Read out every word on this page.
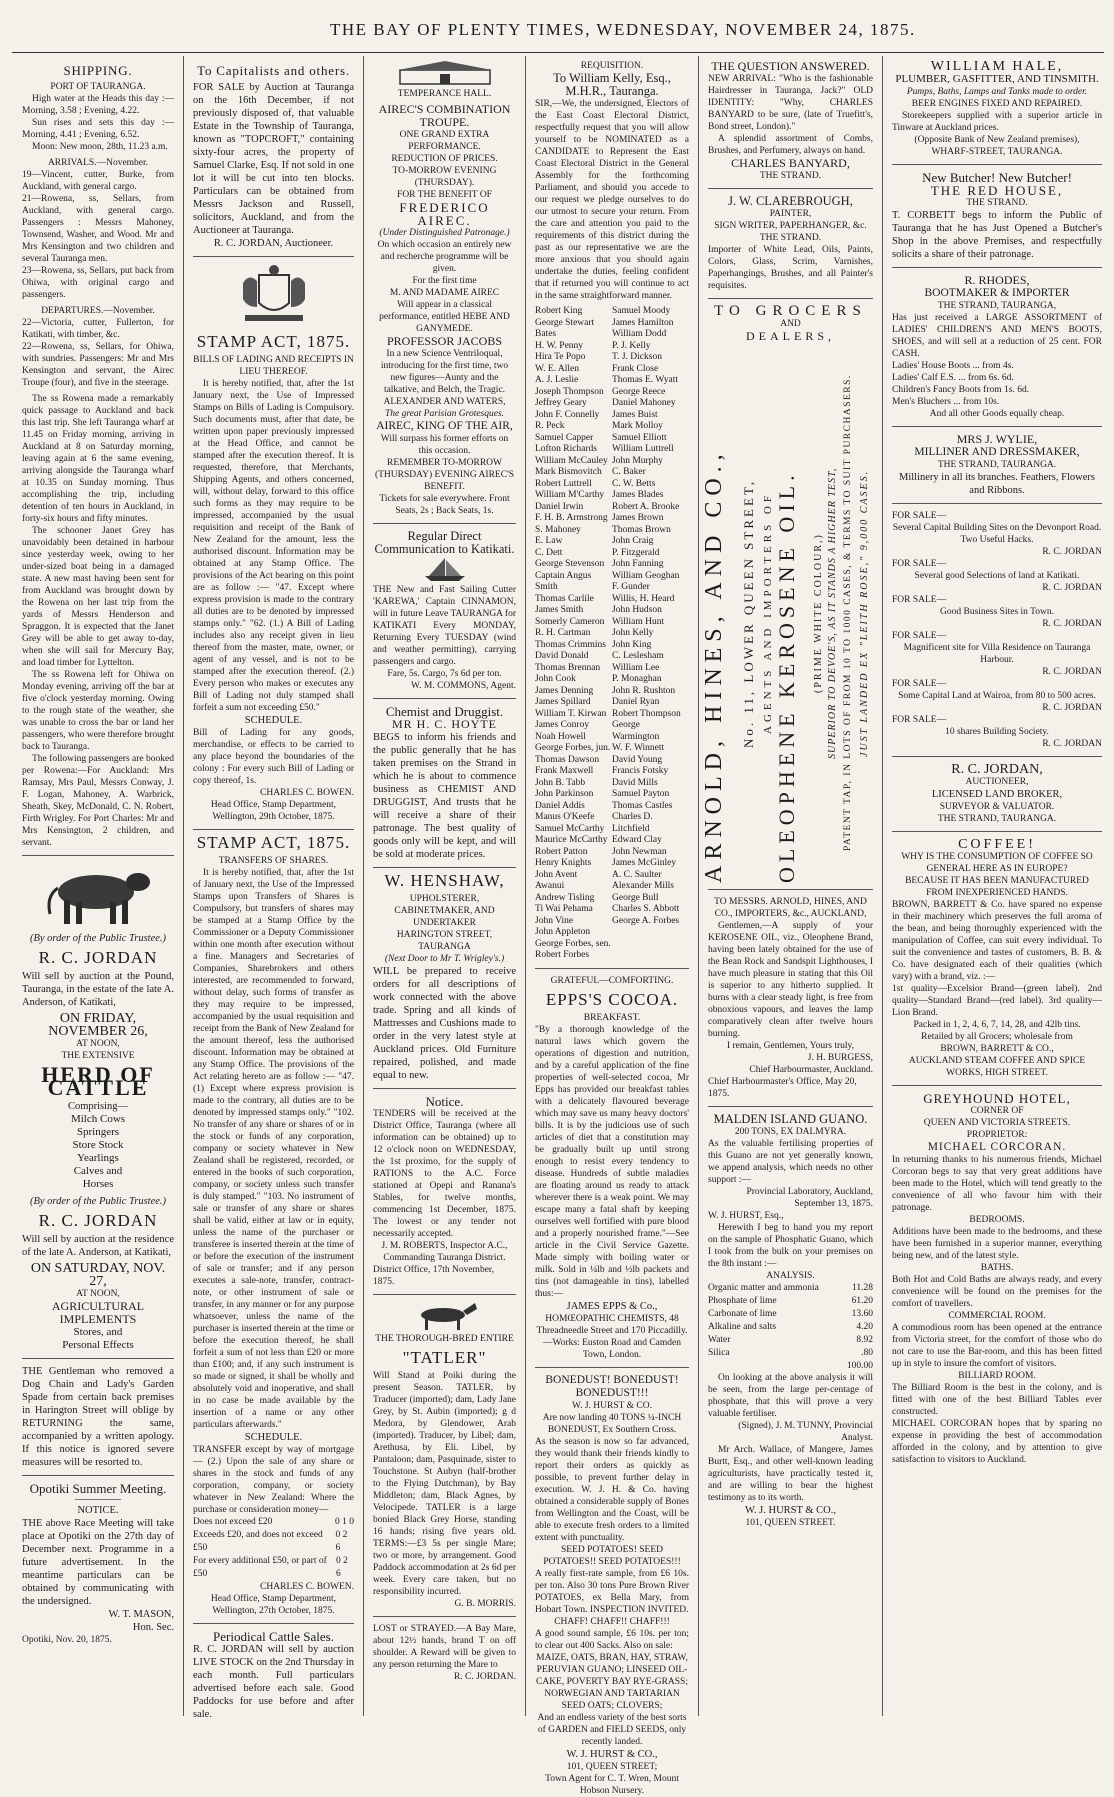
THE BAY OF PLENTY TIMES, WEDNESDAY, NOVEMBER 24, 1875.
SHIPPING.
PORT OF TAURANGA.
High water at the Heads this day :— Morning, 3.58 ; Evening, 4.22.
Sun rises and sets this day :—Morning, 4.41 ; Evening, 6.52.
Moon: New moon, 28th, 11.23 a.m.
ARRIVALS.—November.
19—Vincent, cutter, Burke, from Auckland, with general cargo.
21—Rowena, ss, Sellars, from Auckland, with general cargo. Passengers : Messrs Mahoney, Townsend, Washer, and Wood. Mr and Mrs Kensington and two children and several Tauranga men.
23—Rowena, ss, Sellars, put back from Ohiwa, with original cargo and passengers.
DEPARTURES.—November.
22—Victoria, cutter, Fullerton, for Katikati, with timber, &c.
22—Rowena, ss, Sellars, for Ohiwa, with sundries. Passengers: Mr and Mrs Kensington and servant, the Airec Troupe (four), and five in the steerage.
The ss Rowena made a remarkably quick passage to Auckland and back this last trip. She left Tauranga wharf at 11.45 on Friday morning, arriving in Auckland at 8 on Saturday morning, leaving again at 6 the same evening, arriving alongside the Tauranga wharf at 10.35 on Sunday morning. Thus accomplishing the trip, including detention of ten hours in Auckland, in forty-six hours and fifty minutes.
The schooner Janet Grey has unavoidably been detained in harbour since yesterday week, owing to her under-sized boat being in a damaged state. A new mast having been sent for from Auckland was brought down by the Rowena on her last trip from the yards of Messrs Henderson and Spraggon. It is expected that the Janet Grey will be able to get away to-day, when she will sail for Mercury Bay, and load timber for Lyttelton.
The ss Rowena left for Ohiwa on Monday evening, arriving off the bar at five o'clock yesterday morning. Owing to the rough state of the weather, she was unable to cross the bar or land her passengers, who were therefore brought back to Tauranga.
The following passengers are booked per Rowena:—For Auckland: Mrs Ramsay, Mrs Paul, Messrs Conway, J. F. Logan, Mahoney, A. Warbrick, Sheath, Skey, McDonald, C. N. Robert, Firth Wrigley. For Port Charles: Mr and Mrs Kensington, 2 children, and servant.
(By order of the Public Trustee.)
R. C. JORDAN
Will sell by auction at the Pound, Tauranga, in the estate of the late A. Anderson, of Katikati,
ON FRIDAY, NOVEMBER 26,
AT NOON,
THE EXTENSIVE
HERD OF CATTLE
Comprising—
Milch Cows
Springers
Store Stock
Yearlings
Calves and
Horses
(By order of the Public Trustee.)
R. C. JORDAN
Will sell by auction at the residence of the late A. Anderson, at Katikati,
ON SATURDAY, NOV. 27,
AT NOON,
AGRICULTURAL IMPLEMENTS
Stores, and
Personal Effects
THE Gentleman who removed a Dog Chain and Lady's Garden Spade from certain back premises in Harington Street will oblige by RETURNING the same, accompanied by a written apology. If this notice is ignored severe measures will be resorted to.
Opotiki Summer Meeting.
NOTICE.
THE above Race Meeting will take place at Opotiki on the 27th day of December next. Programme in a future advertisement. In the meantime particulars can be obtained by communicating with the undersigned.
W. T. MASON,
Hon. Sec.
Opotiki, Nov. 20, 1875.
To Capitalists and others.
FOR SALE by Auction at Tauranga on the 16th December, if not previously disposed of, that valuable Estate in the Township of Tauranga, known as "TOPCROFT," containing sixty-four acres, the property of Samuel Clarke, Esq. If not sold in one lot it will be cut into ten blocks. Particulars can be obtained from Messrs Jackson and Russell, solicitors, Auckland, and from the Auctioneer at Tauranga.
R. C. JORDAN, Auctioneer.
STAMP ACT, 1875.
BILLS OF LADING AND RECEIPTS IN LIEU THEREOF.
It is hereby notified, that, after the 1st January next, the Use of Impressed Stamps on Bills of Lading is Compulsory. Such documents must, after that date, be written upon paper previously impressed at the Head Office, and cannot be stamped after the execution thereof. It is requested, therefore, that Merchants, Shipping Agents, and others concerned, will, without delay, forward to this office such forms as they may require to be impressed, accompanied by the usual requisition and receipt of the Bank of New Zealand for the amount, less the authorised discount. Information may be obtained at any Stamp Office. The provisions of the Act bearing on this point are as follow :— "47. Except where express provision is made to the contrary all duties are to be denoted by impressed stamps only." "62. (1.) A Bill of Lading includes also any receipt given in lieu thereof from the master, mate, owner, or agent of any vessel, and is not to be stamped after the execution thereof. (2.) Every person who makes or executes any Bill of Lading not duly stamped shall forfeit a sum not exceeding £50."
SCHEDULE.
Bill of Lading for any goods, merchandise, or effects to be carried to any place beyond the boundaries of the colony : For every such Bill of Lading or copy thereof, 1s.
CHARLES C. BOWEN.
Head Office, Stamp Department, Wellington, 29th October, 1875.
STAMP ACT, 1875.
TRANSFERS OF SHARES.
It is hereby notified, that, after the 1st of January next, the Use of the Impressed Stamps upon Transfers of Shares is Compulsory, but transfers of shares may be stamped at a Stamp Office by the Commissioner or a Deputy Commissioner within one month after execution without a fine. Managers and Secretaries of Companies, Sharebrokers and others interested, are recommended to forward, without delay, such forms of transfer as they may require to be impressed, accompanied by the usual requisition and receipt from the Bank of New Zealand for the amount thereof, less the authorised discount. Information may be obtained at any Stamp Office. The provisions of the Act relating hereto are as follow :— "47. (1) Except where express provision is made to the contrary, all duties are to be denoted by impressed stamps only." "102. No transfer of any share or shares of or in the stock or funds of any corporation, company or society whatever in New Zealand shall be registered, recorded, or entered in the books of such corporation, company, or society unless such transfer is duly stamped." "103. No instrument of sale or transfer of any share or shares shall be valid, either at law or in equity, unless the name of the purchaser or transferee is inserted therein at the time of or before the execution of the instrument of sale or transfer; and if any person executes a sale-note, transfer, contract-note, or other instrument of sale or transfer, in any manner or for any purpose whatsoever, unless the name of the purchaser is inserted therein at the time or before the execution thereof, he shall forfeit a sum of not less than £20 or more than £100; and, if any such instrument is so made or signed, it shall be wholly and absolutely void and inoperative, and shall in no case be made available by the insertion of a name or any other particulars afterwards."
SCHEDULE.
TRANSFER except by way of mortgage— (2.) Upon the sale of any share or shares in the stock and funds of any corporation, company, or society whatever in New Zealand: Where the purchase or consideration money—
Does not exceed £20	0 1 0
Exceeds £20, and does not exceed £50
0 2 6
For every additional £50, or part of £50
0 2 6
CHARLES C. BOWEN.
Head Office, Stamp Department, Wellington, 27th October, 1875.
Periodical Cattle Sales.
R. C. JORDAN will sell by auction LIVE STOCK on the 2nd Thursday in each month. Full particulars advertised before each sale. Good Paddocks for use before and after sale.
TEMPERANCE HALL.
AIREC'S COMBINATION TROUPE.
ONE GRAND EXTRA PERFORMANCE.
REDUCTION OF PRICES.
TO-MORROW EVENING (THURSDAY).
FOR THE BENEFIT OF
FREDERICO AIREC.
(Under Distinguished Patronage.)
On which occasion an entirely new and recherche programme will be given.
For the first time
M. AND MADAME AIREC
Will appear in a classical performance, entitled HEBE AND GANYMEDE.
PROFESSOR JACOBS
In a new Science Ventriloqual, introducing for the first time, two new figures—Aunty and the talkative, and Belch, the Tragic.
ALEXANDER AND WATERS,
The great Parisian Grotesques.
AIREC, KING OF THE AIR,
Will surpass his former efforts on this occasion.
REMEMBER TO-MORROW (THURSDAY) EVENING AIREC'S BENEFIT.
Tickets for sale everywhere. Front Seats, 2s ; Back Seats, 1s.
Regular Direct Communication to Katikati.
THE New and Fast Sailing Cutter 'KAREWA,' Captain CINNAMON, will in future Leave TAURANGA for KATIKATI Every MONDAY, Returning Every TUESDAY (wind and weather permitting), carrying passengers and cargo.
Fare, 5s. Cargo, 7s 6d per ton.
W. M. COMMONS, Agent.
Chemist and Druggist.
MR H. C. HOYTE
BEGS to inform his friends and the public generally that he has taken premises on the Strand in which he is about to commence business as CHEMIST AND DRUGGIST, And trusts that he will receive a share of their patronage. The best quality of goods only will be kept, and will be sold at moderate prices.
W. HENSHAW,
UPHOLSTERER, CABINETMAKER, AND UNDERTAKER
HARINGTON STREET, TAURANGA
(Next Door to Mr T. Wrigley's.)
WILL be prepared to receive orders for all descriptions of work connected with the above trade. Spring and all kinds of Mattresses and Cushions made to order in the very latest style at Auckland prices. Old Furniture repaired, polished, and made equal to new.
Notice.
TENDERS will be received at the District Office, Tauranga (where all information can be obtained) up to 12 o'clock noon on WEDNESDAY, the 1st proximo, for the supply of RATIONS to the A.C. Force stationed at Opepi and Ranana's Stables, for twelve months, commencing 1st December, 1875. The lowest or any tender not necessarily accepted.
J. M. ROBERTS, Inspector A.C., Commanding Tauranga District.
District Office, 17th November, 1875.
THE THOROUGH-BRED ENTIRE
"TATLER"
Will Stand at Poiki during the present Season. TATLER, by Traducer (imported); dam, Lady Jane Grey, by St. Aubin (imported); g d Medora, by Glendower, Arab (imported). Traducer, by Libel; dam, Arethusa, by Eli. Libel, by Pantaloon; dam, Pasquinade, sister to Touchstone. St Aubyn (half-brother to the Flying Dutchman), by Bay Middleton; dam, Black Agnes, by Velocipede. TATLER is a large bonied Black Grey Horse, standing 16 hands; rising five years old. TERMS:—£3 5s per single Mare; two or more, by arrangement. Good Paddock accommodation at 2s 6d per week. Every care taken, but no responsibility incurred.
G. B. MORRIS.
LOST or STRAYED.—A Bay Mare, about 12½ hands, brand T on off shoulder. A Reward will be given to any person returning the Mare to
R. C. JORDAN.
REQUISITION.
To William Kelly, Esq., M.H.R., Tauranga.
SIR,—We, the undersigned, Electors of the East Coast Electoral District, respectfully request that you will allow yourself to be NOMINATED as a CANDIDATE to Represent the East Coast Electoral District in the General Assembly for the forthcoming Parliament, and should you accede to our request we pledge ourselves to do our utmost to secure your return. From the care and attention you paid to the requirements of this district during the past as our representative we are the more anxious that you should again undertake the duties, feeling confident that if returned you will continue to act in the same straightforward manner.
Robert King
George Stewart Bates
H. W. Penny
Hira Te Popo
W. E. Allen
A. J. Leslie
Joseph Thompson
Jeffrey Geary
John F. Connelly
R. Peck
Samuel Capper
Lofton Richards
William McCauley
Mark Bismovitch
Robert Luttrell
William M'Carthy
Daniel Irwin
F. H. B. Armstrong
S. Mahoney
E. Law
C. Dett
George Stevenson
Captain Angus Smith
Thomas Carlile
James Smith
Somerly Cameron
R. H. Cartman
Thomas Crimmins
David Donald
Thomas Brennan
John Cook
James Denning
James Spillard
William T. Kirwan
James Conroy
Noah Howell
George Forbes, jun.
Thomas Dawson
Frank Maxwell
John B. Tabb
John Parkinson
Daniel Addis
Manus O'Keefe
Samuel McCarthy
Maurice McCarthy
Robert Patton
Henry Knights
John Avent
Awanui
Andrew Tisling
Ti Wai Pehama
John Vine
John Appleton
George Forbes, sen.
Robert Forbes
Samuel Moody
James Hamilton
William Dodd
P. J. Kelly
T. J. Dickson
Frank Close
Thomas E. Wyatt
George Reece
Daniel Mahoney
James Buist
Mark Molloy
Samuel Elliott
William Luttrell
John Murphy
C. Baker
C. W. Betts
James Blades
Robert A. Brooke
James Brown
Thomas Brown
John Craig
P. Fitzgerald
John Fanning
William Geoghan
F. Gunder
Willis, H. Heard
John Hudson
William Hunt
John Kelly
John King
C. Leslesham
William Lee
P. Monaghan
John R. Rushton
Daniel Ryan
Robert Thompson
George Warmington
W. F. Winnett
David Young
Francis Fotsky
David Mills
Samuel Payton
Thomas Castles
Charles D. Litchfield
Edward Clay
John Newman
James McGinley
A. C. Saulter
Alexander Mills
George Bull
Charles S. Abbott
George A. Forbes
GRATEFUL—COMFORTING.
EPPS'S COCOA.
BREAKFAST.
"By a thorough knowledge of the natural laws which govern the operations of digestion and nutrition, and by a careful application of the fine properties of well-selected cocoa, Mr Epps has provided our breakfast tables with a delicately flavoured beverage which may save us many heavy doctors' bills. It is by the judicious use of such articles of diet that a constitution may be gradually built up until strong enough to resist every tendency to disease. Hundreds of subtle maladies are floating around us ready to attack wherever there is a weak point. We may escape many a fatal shaft by keeping ourselves well fortified with pure blood and a properly nourished frame."—See article in the Civil Service Gazette. Made simply with boiling water or milk. Sold in ¼lb and ½lb packets and tins (not damageable in tins), labelled thus:—
JAMES EPPS & Co.,
HOMŒOPATHIC CHEMISTS, 48 Threadneedle Street and 170 Piccadilly.—Works: Euston Road and Camden Town, London.
BONEDUST! BONEDUST! BONEDUST!!!
W. J. HURST & CO.
Are now landing 40 TONS ¼-INCH BONEDUST, Ex Southern Cross.
As the season is now so far advanced, they would thank their friends kindly to report their orders as quickly as possible, to prevent further delay in execution. W. J. H. & Co. having obtained a considerable supply of Bones from Wellington and the Coast, will be able to execute fresh orders to a limited extent with punctuality.
SEED POTATOES! SEED POTATOES!! SEED POTATOES!!!
A really first-rate sample, from £6 10s. per ton. Also 30 tons Pure Brown River POTATOES, ex Bella Mary, from Hobart Town. INSPECTION INVITED.
CHAFF! CHAFF!! CHAFF!!!
A good sound sample, £6 10s. per ton; to clear out 400 Sacks. Also on sale:
MAIZE, OATS, BRAN, HAY, STRAW, PERUVIAN GUANO; LINSEED OIL-CAKE, POVERTY BAY RYE-GRASS; NORWEGIAN AND TARTARIAN SEED OATS; CLOVERS;
And an endless variety of the best sorts of GARDEN and FIELD SEEDS, only recently landed.
W. J. HURST & CO.,
101, QUEEN STREET;
Town Agent for C. T. Wren, Mount Hobson Nursery.
THE QUESTION ANSWERED.
NEW ARRIVAL: "Who is the fashionable Hairdresser in Tauranga, Jack?" OLD IDENTITY: "Why, CHARLES BANYARD to be sure, (late of Truefitt's, Bond street, London)."
A splendid assortment of Combs, Brushes, and Perfumery, always on hand.
CHARLES BANYARD,
THE STRAND.
J. W. CLAREBROUGH,
PAINTER,
SIGN WRITER, PAPERHANGER, &c.
THE STRAND.
Importer of White Lead, Oils, Paints, Colors, Glass, Scrim, Varnishes, Paperhangings, Brushes, and all Painter's requisites.
TO GROCERS
AND
DEALERS,
ARNOLD, HINES, AND CO., No. 11, LOWER QUEEN STREET, AGENTS AND IMPORTERS OF OLEOPHENE KEROSENE OIL. (PRIME WHITE COLOUR,) SUPERIOR TO DEVOE'S, AS IT STANDS A HIGHER TEST, PATENT TAP, IN LOTS OF FROM 10 TO 1000 CASES, & TERMS TO SUIT PURCHASERS. JUST LANDED EX "LEITH ROSE," 9,000 CASES.
TO MESSRS. ARNOLD, HINES, AND CO., IMPORTERS, &c., AUCKLAND,
Gentlemen,—A supply of your KEROSENE OIL, viz., Oleophene Brand, having been lately obtained for the use of the Bean Rock and Sandspit Lighthouses, I have much pleasure in stating that this Oil is superior to any hitherto supplied. It burns with a clear steady light, is free from obnoxious vapours, and leaves the lamp comparatively clean after twelve hours burning.
I remain, Gentlemen, Yours truly,
J. H. BURGESS,
Chief Harbourmaster, Auckland.
Chief Harbourmaster's Office, May 20, 1875.
MALDEN ISLAND GUANO.
200 TONS, EX DALMYRA.
As the valuable fertilising properties of this Guano are not yet generally known, we append analysis, which needs no other support :—
Provincial Laboratory, Auckland, September 13, 1875.
W. J. HURST, Esq.,
Herewith I beg to hand you my report on the sample of Phosphatic Guano, which I took from the bulk on your premises on the 8th instant :—
ANALYSIS.
Organic matter and ammonia	11.28
Phosphate of lime	61.20
Carbonate of lime	13.60
Alkaline and salts	4.20
Water	8.92
Silica	.80
100.00
On looking at the above analysis it will be seen, from the large per-centage of phosphate, that this will prove a very valuable fertiliser.
(Signed), J. M. TUNNY, Provincial Analyst.
Mr Arch. Wallace, of Mangere, James Burtt, Esq., and other well-known leading agriculturists, have practically tested it, and are willing to bear the highest testimony as to its worth.
W. J. HURST & CO.,
101, QUEEN STREET.
WILLIAM HALE,
PLUMBER, GASFITTER, AND TINSMITH.
Pumps, Baths, Lamps and Tanks made to order.
BEER ENGINES FIXED AND REPAIRED.
Storekeepers supplied with a superior article in Tinware at Auckland prices.
(Opposite Bank of New Zealand premises),
WHARF-STREET, TAURANGA.
New Butcher! New Butcher!
THE RED HOUSE,
THE STRAND.
T. CORBETT begs to inform the Public of Tauranga that he has Just Opened a Butcher's Shop in the above Premises, and respectfully solicits a share of their patronage.
R. RHODES,
BOOTMAKER & IMPORTER
THE STRAND, TAURANGA,
Has just received a LARGE ASSORTMENT of LADIES' CHILDREN'S AND MEN'S BOOTS, SHOES, and will sell at a reduction of 25 cent. FOR CASH.
Ladies' House Boots ... from 4s.
Ladies' Calf E.S. ... from 6s. 6d.
Children's Fancy Boots from 1s. 6d.
Men's Bluchers ... from 10s.
And all other Goods equally cheap.
MRS J. WYLIE,
MILLINER AND DRESSMAKER,
THE STRAND, TAURANGA.
Millinery in all its branches. Feathers, Flowers and Ribbons.
FOR SALE—
Several Capital Building Sites on the Devonport Road.
Two Useful Hacks.
R. C. JORDAN
FOR SALE—
Several good Selections of land at Katikati.
R. C. JORDAN
FOR SALE—
Good Business Sites in Town.
R. C. JORDAN
FOR SALE—
Magnificent site for Villa Residence on Tauranga Harbour.
R. C. JORDAN
FOR SALE—
Some Capital Land at Wairoa, from 80 to 500 acres.
R. C. JORDAN
FOR SALE—
10 shares Building Society.
R. C. JORDAN
R. C. JORDAN,
AUCTIONEER,
LICENSED LAND BROKER,
SURVEYOR & VALUATOR.
THE STRAND, TAURANGA.
COFFEE!
WHY IS THE CONSUMPTION OF COFFEE SO GENERAL HERE AS IN EUROPE?
BECAUSE IT HAS BEEN MANUFACTURED FROM INEXPERIENCED HANDS.
BROWN, BARRETT & Co. have spared no expense in their machinery which preserves the full aroma of the bean, and being thoroughly experienced with the manipulation of Coffee, can suit every individual. To suit the convenience and tastes of customers, B. B. & Co. have designated each of their qualities (which vary) with a brand, viz. :—
1st quality—Excelsior Brand—(green label). 2nd quality—Standard Brand—(red label). 3rd quality—Lion Brand.
Packed in 1, 2, 4, 6, 7, 14, 28, and 42lb tins.
Retailed by all Grocers; wholesale from
BROWN, BARRETT & CO.,
AUCKLAND STEAM COFFEE AND SPICE WORKS, HIGH STREET.
GREYHOUND HOTEL,
CORNER OF
QUEEN AND VICTORIA STREETS.
PROPRIETOR:
MICHAEL CORCORAN.
In returning thanks to his numerous friends, Michael Corcoran begs to say that very great additions have been made to the Hotel, which will tend greatly to the convenience of all who favour him with their patronage.
BEDROOMS.
Additions have been made to the bedrooms, and these have been furnished in a superior manner, everything being new, and of the latest style.
BATHS.
Both Hot and Cold Baths are always ready, and every convenience will be found on the premises for the comfort of travellers.
COMMERCIAL ROOM.
A commodious room has been opened at the entrance from Victoria street, for the comfort of those who do not care to use the Bar-room, and this has been fitted up in style to insure the comfort of visitors.
BILLIARD ROOM.
The Billiard Room is the best in the colony, and is fitted with one of the best Billiard Tables ever constructed.
MICHAEL CORCORAN hopes that by sparing no expense in providing the best of accommodation afforded in the colony, and by attention to give satisfaction to visitors to Auckland.
